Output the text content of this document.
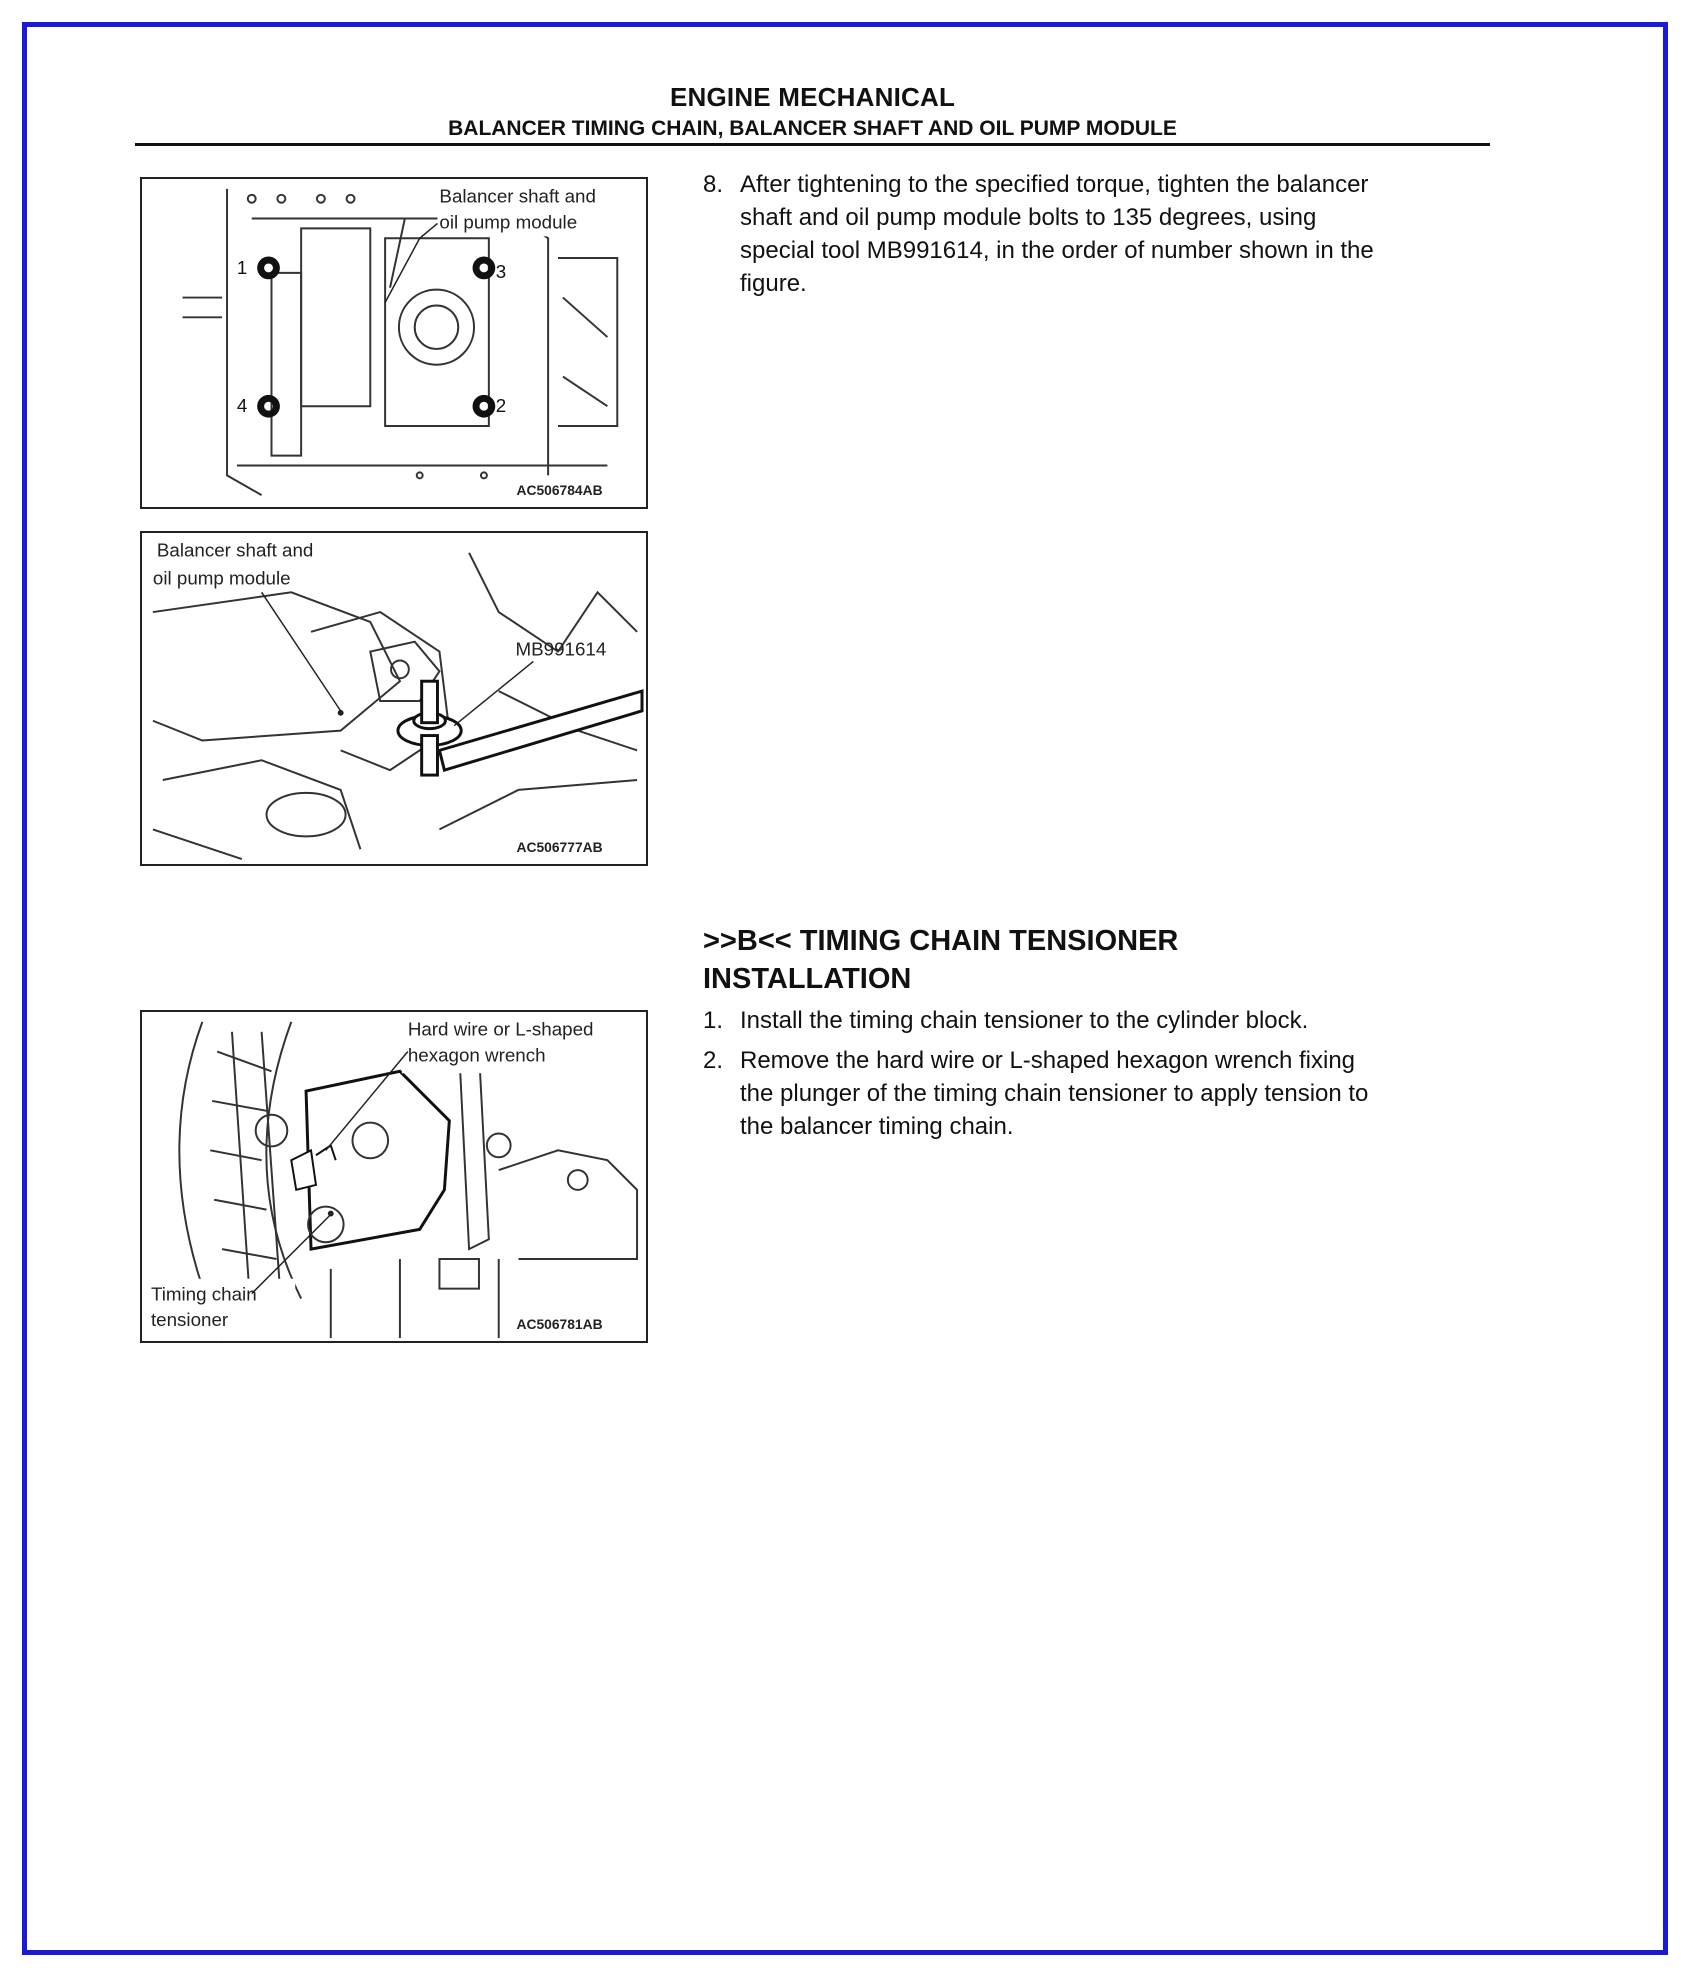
ENGINE MECHANICAL
BALANCER TIMING CHAIN, BALANCER SHAFT AND OIL PUMP MODULE
Balancer shaft and
oil pump module
1
2
3
4
AC506784AB
Balancer shaft and
oil pump module
MB991614
AC506777AB
Hard wire or L-shaped
hexagon wrench
Timing chain
tensioner	AC506781AB
8. After tightening to the specified torque, tighten the balancer
shaft and oil pump module bolts to 135 degrees, using
special tool MB991614, in the order of number shown in the
figure.
>>B<< TIMING CHAIN TENSIONER
INSTALLATION
1. Install the timing chain tensioner to the cylinder block.
2. Remove the hard wire or L-shaped hexagon wrench fixing
the plunger of the timing chain tensioner to apply tension to
the balancer timing chain.
